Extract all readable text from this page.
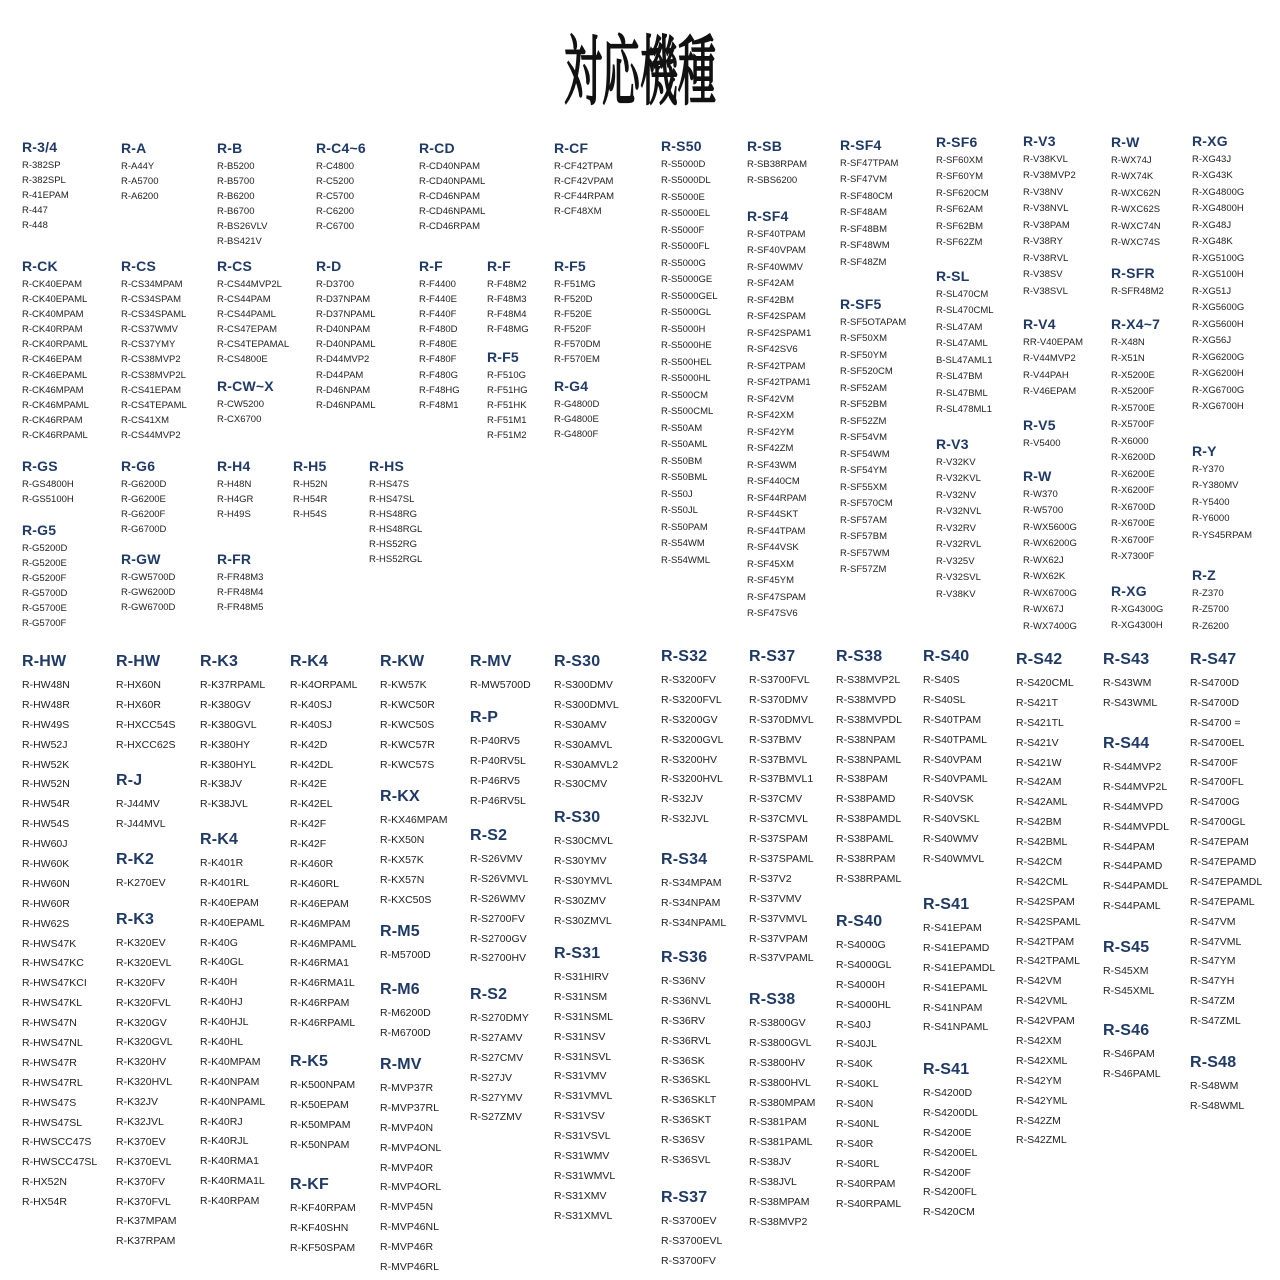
対応機種
R-3/4
R-382SP
R-382SPL
R-41EPAM
R-447
R-448
R-A
R-A44Y
R-A5700
R-A6200
R-B
R-B5200
R-B5700
R-B6200
R-B6700
R-BS26VLV
R-BS421V
R-C4~6
R-C4800
R-C5200
R-C5700
R-C6200
R-C6700
R-CD
R-CD40NPAM
R-CD40NPAML
R-CD46NPAM
R-CD46NPAML
R-CD46RPAM
R-CF
R-CF42TPAM
R-CF42VPAM
R-CF44RPAM
R-CF48XM
R-CK
R-CK40EPAM
R-CK40EPAML
R-CK40MPAM
R-CK40RPAM
R-CK40RPAML
R-CK46EPAM
R-CK46EPAML
R-CK46MPAM
R-CK46MPAML
R-CK46RPAM
R-CK46RPAML
R-CS
R-CS34MPAM
R-CS34SPAM
R-CS34SPAML
R-CS37WMV
R-CS37YMY
R-CS38MVP2
R-CS38MVP2L
R-CS41EPAM
R-CS4TEPAML
R-CS41XM
R-CS44MVP2
R-CS
R-CS44MVP2L
R-CS44PAM
R-CS44PAML
R-CS47EPAM
R-CS4TEPAMAL
R-CS4800E
R-CW~X
R-CW5200
R-CX6700
R-D
R-D3700
R-D37NPAM
R-D37NPAML
R-D40NPAM
R-D40NPAML
R-D44MVP2
R-D44PAM
R-D46NPAM
R-D46NPAML
R-F
R-F4400
R-F440E
R-F440F
R-F480D
R-F480E
R-F480F
R-F480G
R-F48HG
R-F48M1
R-F
R-F48M2
R-F48M3
R-F48M4
R-F48MG
R-F5
R-F510G
R-F51HG
R-F51HK
R-F51M1
R-F51M2
R-F5
R-F51MG
R-F520D
R-F520E
R-F520F
R-F570DM
R-F570EM
R-G4
R-G4800D
R-G4800E
R-G4800F
R-GS
R-GS4800H
R-GS5100H
R-G5
R-G5200D
R-G5200E
R-G5200F
R-G5700D
R-G5700E
R-G5700F
R-G6
R-G6200D
R-G6200E
R-G6200F
R-G6700D
R-GW
R-GW5700D
R-GW6200D
R-GW6700D
R-H4
R-H48N
R-H4GR
R-H49S
R-FR
R-FR48M3
R-FR48M4
R-FR48M5
R-H5
R-H52N
R-H54R
R-H54S
R-HS
R-HS47S
R-HS47SL
R-HS48RG
R-HS48RGL
R-HS52RG
R-HS52RGL
R-S50
R-S5000D
R-S5000DL
R-S5000E
R-S5000EL
R-S5000F
R-S5000FL
R-S5000G
R-S5000GE
R-S5000GEL
R-S5000GL
R-S5000H
R-S5000HE
R-S500HEL
R-S5000HL
R-S500CM
R-S500CML
R-S50AM
R-S50AML
R-S50BM
R-S50BML
R-S50J
R-S50JL
R-S50PAM
R-S54WM
R-S54WML
R-SB
R-SB38RPAM
R-SBS6200
R-SF4
R-SF40TPAM
R-SF40VPAM
R-SF40WMV
R-SF42AM
R-SF42BM
R-SF42SPAM
R-SF42SPAM1
R-SF42SV6
R-SF42TPAM
R-SF42TPAM1
R-SF42VM
R-SF42XM
R-SF42YM
R-SF42ZM
R-SF43WM
R-SF440CM
R-SF44RPAM
R-SF44SKT
R-SF44TPAM
R-SF44VSK
R-SF45XM
R-SF45YM
R-SF47SPAM
R-SF47SV6
R-SF4
R-SF47TPAM
R-SF47VM
R-SF480CM
R-SF48AM
R-SF48BM
R-SF48WM
R-SF48ZM
R-SF5
R-SF5OTAPAM
R-SF50XM
R-SF50YM
R-SF520CM
R-SF52AM
R-SF52BM
R-SF52ZM
R-SF54VM
R-SF54WM
R-SF54YM
R-SF55XM
R-SF570CM
R-SF57AM
R-SF57BM
R-SF57WM
R-SF57ZM
R-SF6
R-SF60XM
R-SF60YM
R-SF620CM
R-SF62AM
R-SF62BM
R-SF62ZM
R-SL
R-SL470CM
R-SL470CML
R-SL47AM
R-SL47AML
B-SL47AML1
R-SL47BM
R-SL47BML
R-SL478ML1
R-V3
R-V32KV
R-V32KVL
R-V32NV
R-V32NVL
R-V32RV
R-V32RVL
R-V325V
R-V32SVL
R-V38KV
R-V3
R-V38KVL
R-V38MVP2
R-V38NV
R-V38NVL
R-V38PAM
R-V38RY
R-V38RVL
R-V38SV
R-V38SVL
R-V4
RR-V40EPAM
R-V44MVP2
R-V44PAH
R-V46EPAM
R-V5
R-V5400
R-W
R-W370
R-W5700
R-WX5600G
R-WX6200G
R-WX62J
R-WX62K
R-WX6700G
R-WX67J
R-WX7400G
R-W
R-WX74J
R-WX74K
R-WXC62N
R-WXC62S
R-WXC74N
R-WXC74S
R-SFR
R-SFR48M2
R-X4~7
R-X48N
R-X51N
R-X5200E
R-X5200F
R-X5700E
R-X5700F
R-X6000
R-X6200D
R-X6200E
R-X6200F
R-X6700D
R-X6700E
R-X6700F
R-X7300F
R-XG
R-XG4300G
R-XG4300H
R-XG
R-XG43J
R-XG43K
R-XG4800G
R-XG4800H
R-XG48J
R-XG48K
R-XG5100G
R-XG5100H
R-XG51J
R-XG5600G
R-XG5600H
R-XG56J
R-XG6200G
R-XG6200H
R-XG6700G
R-XG6700H
R-Y
R-Y370
R-Y380MV
R-Y5400
R-Y6000
R-YS45RPAM
R-Z
R-Z370
R-Z5700
R-Z6200
R-HW
R-HW48N
R-HW48R
R-HW49S
R-HW52J
R-HW52K
R-HW52N
R-HW54R
R-HW54S
R-HW60J
R-HW60K
R-HW60N
R-HW60R
R-HW62S
R-HWS47K
R-HWS47KC
R-HWS47KCI
R-HWS47KL
R-HWS47N
R-HWS47NL
R-HWS47R
R-HWS47RL
R-HWS47S
R-HWS47SL
R-HWSCC47S
R-HWSCC47SL
R-HX52N
R-HX54R
R-HW
R-HX60N
R-HX60R
R-HXCC54S
R-HXCC62S
R-J
R-J44MV
R-J44MVL
R-K2
R-K270EV
R-K3
R-K320EV
R-K320EVL
R-K320FV
R-K320FVL
R-K320GV
R-K320GVL
R-K320HV
R-K320HVL
R-K32JV
R-K32JVL
R-K370EV
R-K370EVL
R-K370FV
R-K370FVL
R-K37MPAM
R-K37RPAM
R-K3
R-K37RPAML
R-K380GV
R-K380GVL
R-K380HY
R-K380HYL
R-K38JV
R-K38JVL
R-K4
R-K401R
R-K401RL
R-K40EPAM
R-K40EPAML
R-K40G
R-K40GL
R-K40H
R-K40HJ
R-K40HJL
R-K40HL
R-K40MPAM
R-K40NPAM
R-K40NPAML
R-K40RJ
R-K40RJL
R-K40RMA1
R-K40RMA1L
R-K40RPAM
R-K4
R-K4ORPAML
R-K40SJ
R-K40SJ
R-K42D
R-K42DL
R-K42E
R-K42EL
R-K42F
R-K42F
R-K460R
R-K460RL
R-K46EPAM
R-K46MPAM
R-K46MPAML
R-K46RMA1
R-K46RMA1L
R-K46RPAM
R-K46RPAML
R-K5
R-K500NPAM
R-K50EPAM
R-K50MPAM
R-K50NPAM
R-KF
R-KF40RPAM
R-KF40SHN
R-KF50SPAM
R-KW
R-KW57K
R-KWC50R
R-KWC50S
R-KWC57R
R-KWC57S
R-KX
R-KX46MPAM
R-KX50N
R-KX57K
R-KX57N
R-KXC50S
R-M5
R-M5700D
R-M6
R-M6200D
R-M6700D
R-MV
R-MVP37R
R-MVP37RL
R-MVP40N
R-MVP4ONL
R-MVP40R
R-MVP4ORL
R-MVP45N
R-MVP46NL
R-MVP46R
R-MVP46RL
R-MV
R-MW5700D
R-P
R-P40RV5
R-P40RV5L
R-P46RV5
R-P46RV5L
R-S2
R-S26VMV
R-S26VMVL
R-S26WMV
R-S2700FV
R-S2700GV
R-S2700HV
R-S2
R-S270DMY
R-S27AMV
R-S27CMV
R-S27JV
R-S27YMV
R-S27ZMV
R-S30
R-S300DMV
R-S300DMVL
R-S30AMV
R-S30AMVL
R-S30AMVL2
R-S30CMV
R-S30
R-S30CMVL
R-S30YMV
R-S30YMVL
R-S30ZMV
R-S30ZMVL
R-S31
R-S31HIRV
R-S31NSM
R-S31NSML
R-S31NSV
R-S31NSVL
R-S31VMV
R-S31VMVL
R-S31VSV
R-S31VSVL
R-S31WMV
R-S31WMVL
R-S31XMV
R-S31XMVL
R-S32
R-S3200FV
R-S3200FVL
R-S3200GV
R-S3200GVL
R-S3200HV
R-S3200HVL
R-S32JV
R-S32JVL
R-S34
R-S34MPAM
R-S34NPAM
R-S34NPAML
R-S36
R-S36NV
R-S36NVL
R-S36RV
R-S36RVL
R-S36SK
R-S36SKL
R-S36SKLT
R-S36SKT
R-S36SV
R-S36SVL
R-S37
R-S3700EV
R-S3700EVL
R-S3700FV
R-S37
R-S3700FVL
R-S370DMV
R-S370DMVL
R-S37BMV
R-S37BMVL
R-S37BMVL1
R-S37CMV
R-S37CMVL
R-S37SPAM
R-S37SPAML
R-S37V2
R-S37VMV
R-S37VMVL
R-S37VPAM
R-S37VPAML
R-S38
R-S3800GV
R-S3800GVL
R-S3800HV
R-S3800HVL
R-S380MPAM
R-S381PAM
R-S381PAML
R-S38JV
R-S38JVL
R-S38MPAM
R-S38MVP2
R-S38
R-S38MVP2L
R-S38MVPD
R-S38MVPDL
R-S38NPAM
R-S38NPAML
R-S38PAM
R-S38PAMD
R-S38PAMDL
R-S38PAML
R-S38RPAM
R-S38RPAML
R-S40
R-S4000G
R-S4000GL
R-S4000H
R-S4000HL
R-S40J
R-S40JL
R-S40K
R-S40KL
R-S40N
R-S40NL
R-S40R
R-S40RL
R-S40RPAM
R-S40RPAML
R-S40
R-S40S
R-S40SL
R-S40TPAM
R-S40TPAML
R-S40VPAM
R-S40VPAML
R-S40VSK
R-S40VSKL
R-S40WMV
R-S40WMVL
R-S41
R-S41EPAM
R-S41EPAMD
R-S41EPAMDL
R-S41EPAML
R-S41NPAM
R-S41NPAML
R-S41
R-S4200D
R-S4200DL
R-S4200E
R-S4200EL
R-S4200F
R-S4200FL
R-S420CM
R-S42
R-S420CML
R-S421T
R-S421TL
R-S421V
R-S421W
R-S42AM
R-S42AML
R-S42BM
R-S42BML
R-S42CM
R-S42CML
R-S42SPAM
R-S42SPAML
R-S42TPAM
R-S42TPAML
R-S42VM
R-S42VML
R-S42VPAM
R-S42XM
R-S42XML
R-S42YM
R-S42YML
R-S42ZM
R-S42ZML
R-S43
R-S43WM
R-S43WML
R-S44
R-S44MVP2
R-S44MVP2L
R-S44MVPD
R-S44MVPDL
R-S44PAM
R-S44PAMD
R-S44PAMDL
R-S44PAML
R-S45
R-S45XM
R-S45XML
R-S46
R-S46PAM
R-S46PAML
R-S47
R-S4700D
R-S4700D
R-S4700 =
R-S4700EL
R-S4700F
R-S4700FL
R-S4700G
R-S4700GL
R-S47EPAM
R-S47EPAMD
R-S47EPAMDL
R-S47EPAML
R-S47VM
R-S47VML
R-S47YM
R-S47YH
R-S47ZM
R-S47ZML
R-S48
R-S48WM
R-S48WML
